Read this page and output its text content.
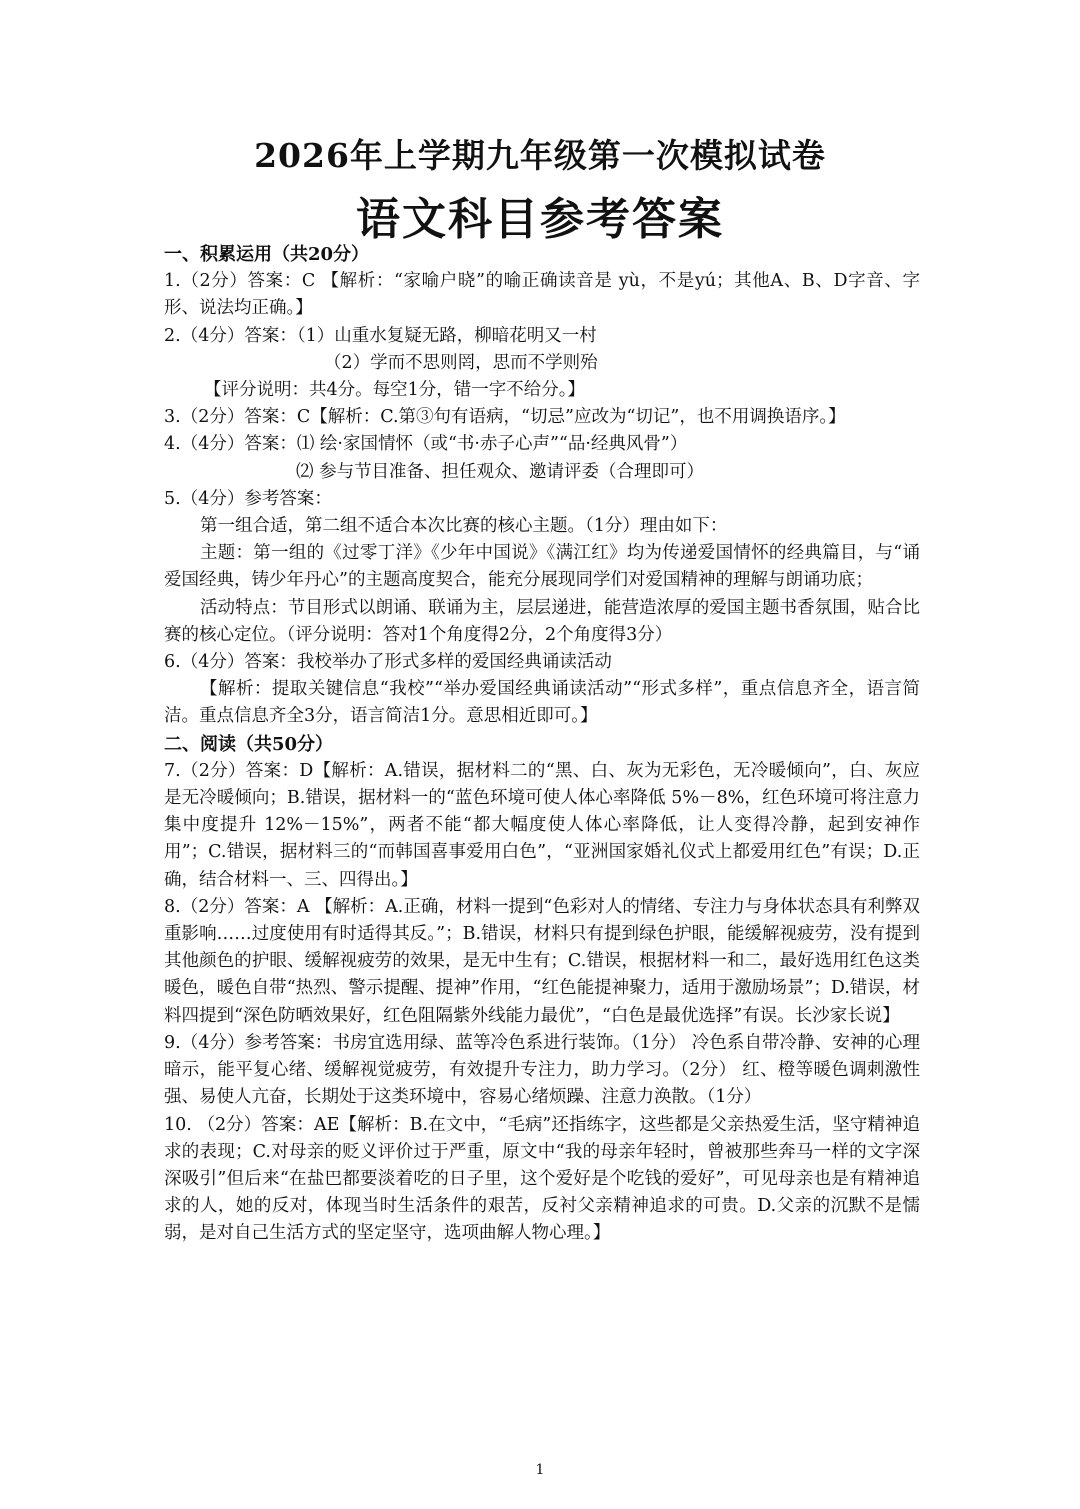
2026年上学期九年级第一次模拟试卷
语文科目参考答案
一、积累运用（共20分）
1.（2分）答案：C 【解析：“家喻户晓”的喻正确读音是 yù，不是yú；其他A、B、D字音、字形、说法均正确。】
2.（4分）答案：（1）山重水复疑无路，柳暗花明又一村
（2）学而不思则罔，思而不学则殆
【评分说明：共4分。每空1分，错一字不给分。】
3.（2分）答案：C【解析：C.第③句有语病，“切忌”应改为“切记”，也不用调换语序。】
4.（4分）答案：⑴ 绘·家国情怀（或“书·赤子心声”“品·经典风骨”）
⑵ 参与节目准备、担任观众、邀请评委（合理即可）
5.（4分）参考答案：
第一组合适，第二组不适合本次比赛的核心主题。（1分）理由如下：
主题：第一组的《过零丁洋》《少年中国说》《满江红》均为传递爱国情怀的经典篇目，与“诵爱国经典，铸少年丹心”的主题高度契合，能充分展现同学们对爱国精神的理解与朗诵功底；
活动特点：节目形式以朗诵、联诵为主，层层递进，能营造浓厚的爱国主题书香氛围，贴合比赛的核心定位。（评分说明：答对1个角度得2分，2个角度得3分）
6.（4分）答案：我校举办了形式多样的爱国经典诵读活动
【解析：提取关键信息“我校”“举办爱国经典诵读活动”“形式多样”，重点信息齐全，语言简洁。重点信息齐全3分，语言简洁1分。意思相近即可。】
二、阅读（共50分）
7.（2分）答案：D【解析：A.错误，据材料二的“黑、白、灰为无彩色，无冷暖倾向”，白、灰应是无冷暖倾向；B.错误，据材料一的“蓝色环境可使人体心率降低 5%－8%，红色环境可将注意力集中度提升 12%－15%”，两者不能“都大幅度使人体心率降低，让人变得冷静，起到安神作用”；C.错误，据材料三的“而韩国喜事爱用白色”，“亚洲国家婚礼仪式上都爱用红色”有误；D.正确，结合材料一、三、四得出。】
8.（2分）答案：A 【解析：A.正确，材料一提到“色彩对人的情绪、专注力与身体状态具有利弊双重影响……过度使用有时适得其反。”；B.错误，材料只有提到绿色护眼，能缓解视疲劳，没有提到其他颜色的护眼、缓解视疲劳的效果，是无中生有；C.错误，根据材料一和二，最好选用红色这类暖色，暖色自带“热烈、警示提醒、提神”作用，“红色能提神聚力，适用于激励场景”；D.错误，材料四提到“深色防晒效果好，红色阻隔紫外线能力最优”，“白色是最优选择”有误。长沙家长说】
9.（4分）参考答案：书房宜选用绿、蓝等冷色系进行装饰。（1分） 冷色系自带冷静、安神的心理暗示，能平复心绪、缓解视觉疲劳，有效提升专注力，助力学习。（2分） 红、橙等暖色调刺激性强、易使人亢奋，长期处于这类环境中，容易心绪烦躁、注意力涣散。（1分）
10. （2分）答案：AE【解析：B.在文中，“毛病”还指练字，这些都是父亲热爱生活，坚守精神追求的表现；C.对母亲的贬义评价过于严重，原文中“我的母亲年轻时，曾被那些奔马一样的文字深深吸引”但后来“在盐巴都要淡着吃的日子里，这个爱好是个吃钱的爱好”，可见母亲也是有精神追求的人，她的反对，体现当时生活条件的艰苦，反衬父亲精神追求的可贵。D.父亲的沉默不是懦弱，是对自己生活方式的坚定坚守，选项曲解人物心理。】
1
